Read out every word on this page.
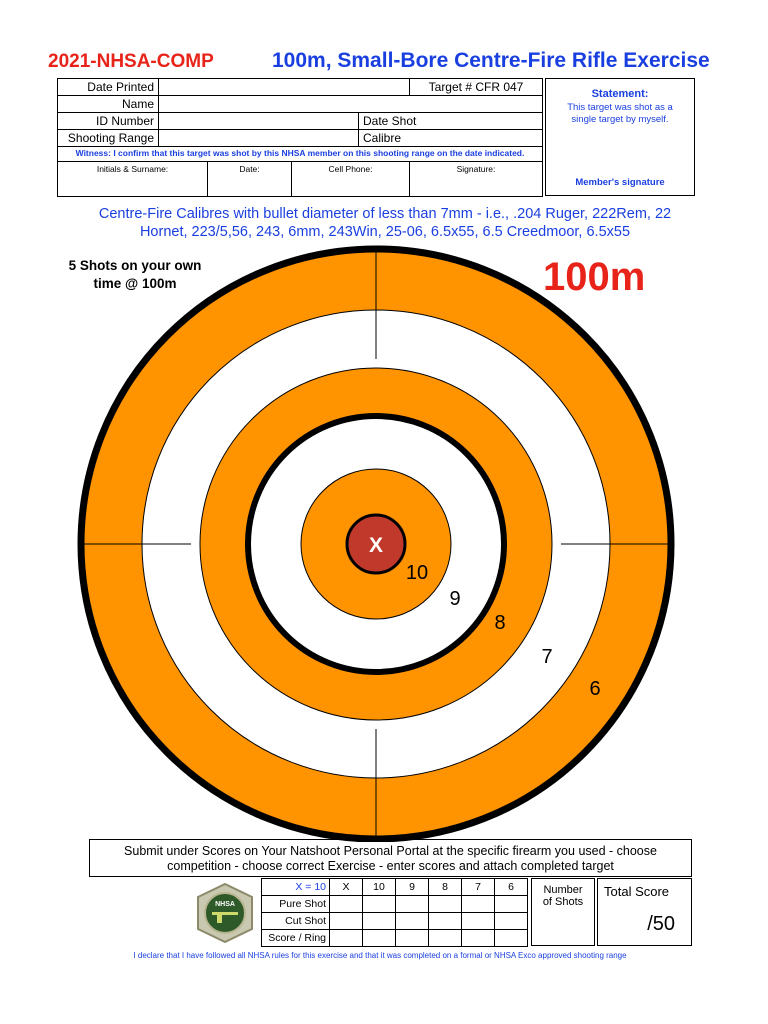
2021-NHSA-COMP	100m, Small-Bore Centre-Fire Rifle Exercise
Date Printed			Target # CFR 047
Name			
ID Number		Date Shot	
Shooting Range		Calibre	
Witness: I confirm that this target was shot by this NHSA member on this shooting range on the date indicated.
Initials & Surname:	Date:	Cell Phone:	Signature:
Statement:
This target was shot as a single target by myself.
Member's signature
Centre-Fire Calibres with bullet diameter of less than 7mm - i.e., .204 Ruger, 222Rem, 22
Hornet, 223/5,56, 243, 6mm, 243Win, 25-06, 6.5x55, 6.5 Creedmoor, 6.5x55
5 Shots on your own
time @ 100m	100m
X
10
9
8
7
6
Submit under Scores on Your Natshoot Personal Portal at the specific firearm you used - choose
competition - choose correct Exercise - enter scores and attach completed target
NHSA
X = 10	X	10	9	8	7	6
Pure Shot						
Cut Shot						
Score / Ring						
Number
of Shots
Total Score
/50
I declare that I have followed all NHSA rules for this exercise and that it was completed on a formal or NHSA Exco approved shooting range
